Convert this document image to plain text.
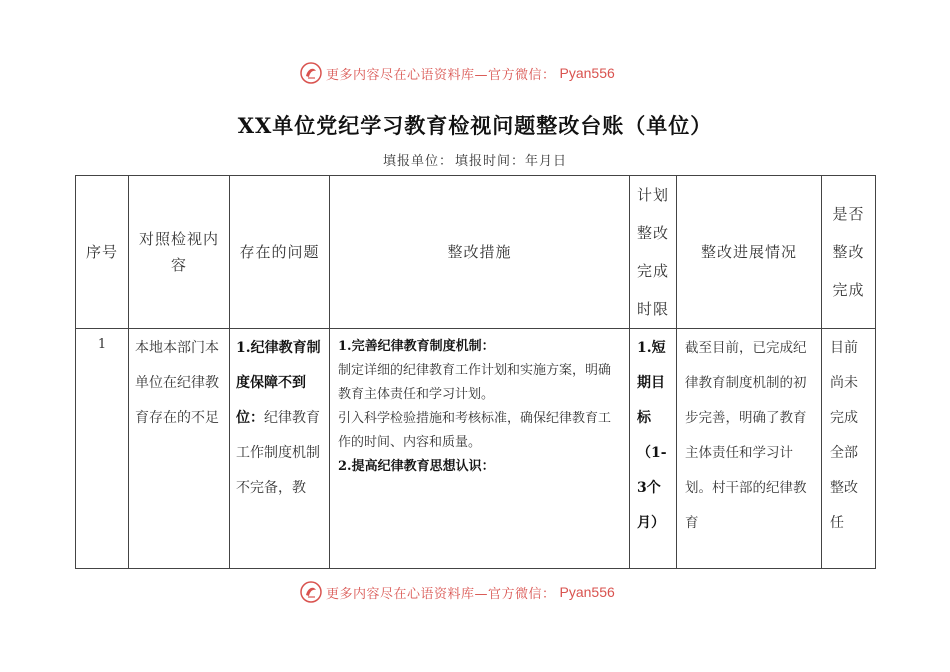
更多内容尽在心语资料库—官方微信： Pyan556
XX单位党纪学习教育检视问题整改台账（单位）
填报单位： 填报时间：年月日
序号	对照检视内容	存在的问题	整改措施	计划整改完成时限	整改进展情况	是否整改完成
1	本地本部门本单位在纪律教育存在的不足	1.纪律教育制度保障不到位：纪律教育工作制度机制不完备，教	1.完善纪律教育制度机制：

制定详细的纪律教育工作计划和实施方案，明确教育主体责任和学习计划。

引入科学检验措施和考核标准，确保纪律教育工作的时间、内容和质量。

2.提高纪律教育思想认识：	1.短期目标（1-3个月）	截至目前，已完成纪律教育制度机制的初步完善，明确了教育主体责任和学习计划。村干部的纪律教育	目前尚未完成全部整改任
更多内容尽在心语资料库—官方微信： Pyan556
